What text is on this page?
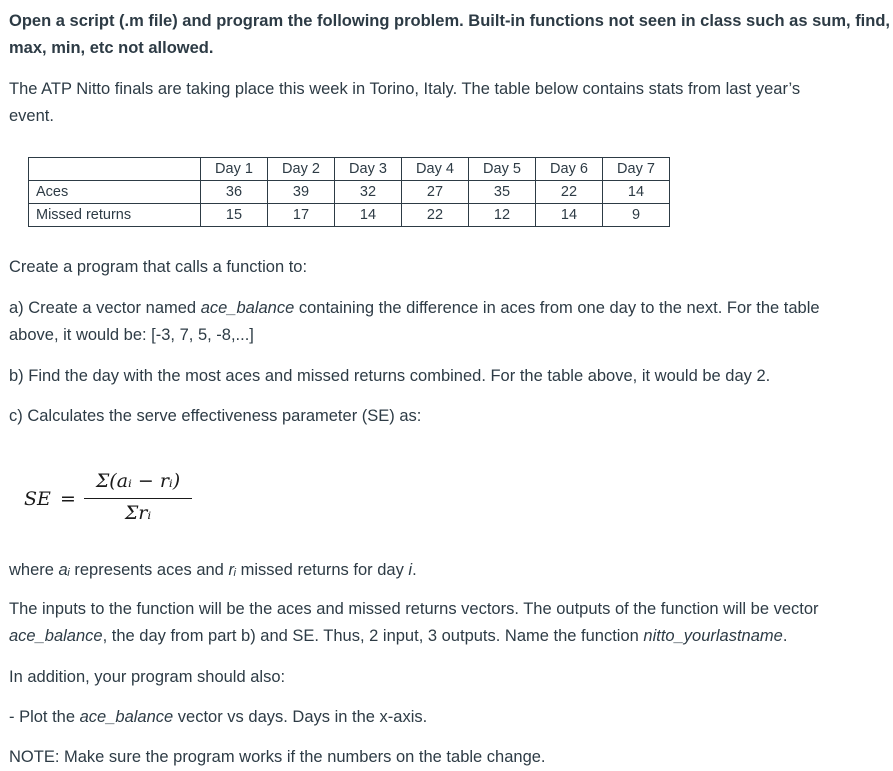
Open a script (.m file) and program the following problem. Built-in functions not seen in class such as sum, find,
max, min, etc not allowed.

The ATP Nitto finals are taking place this week in Torino, Italy. The table below contains stats from last year’s
event.

	Day 1	Day 2	Day 3	Day 4	Day 5	Day 6	Day 7
Aces	36	39	32	27	35	22	14
Missed returns	15	17	14	22	12	14	9

Create a program that calls a function to:

a) Create a vector named ace_balance containing the difference in aces from one day to the next. For the table
above, it would be: [-3, 7, 5, -8,...]

b) Find the day with the most aces and missed returns combined. For the table above, it would be day 2.

c) Calculates the serve effectiveness parameter (SE) as:

SE =
Σ(aᵢ − rᵢ)
Σrᵢ

where aᵢ represents aces and rᵢ missed returns for day i.

The inputs to the function will be the aces and missed returns vectors. The outputs of the function will be vector
ace_balance, the day from part b) and SE. Thus, 2 input, 3 outputs. Name the function nitto_yourlastname.

In addition, your program should also:

- Plot the ace_balance vector vs days. Days in the x-axis.

NOTE: Make sure the program works if the numbers on the table change.
